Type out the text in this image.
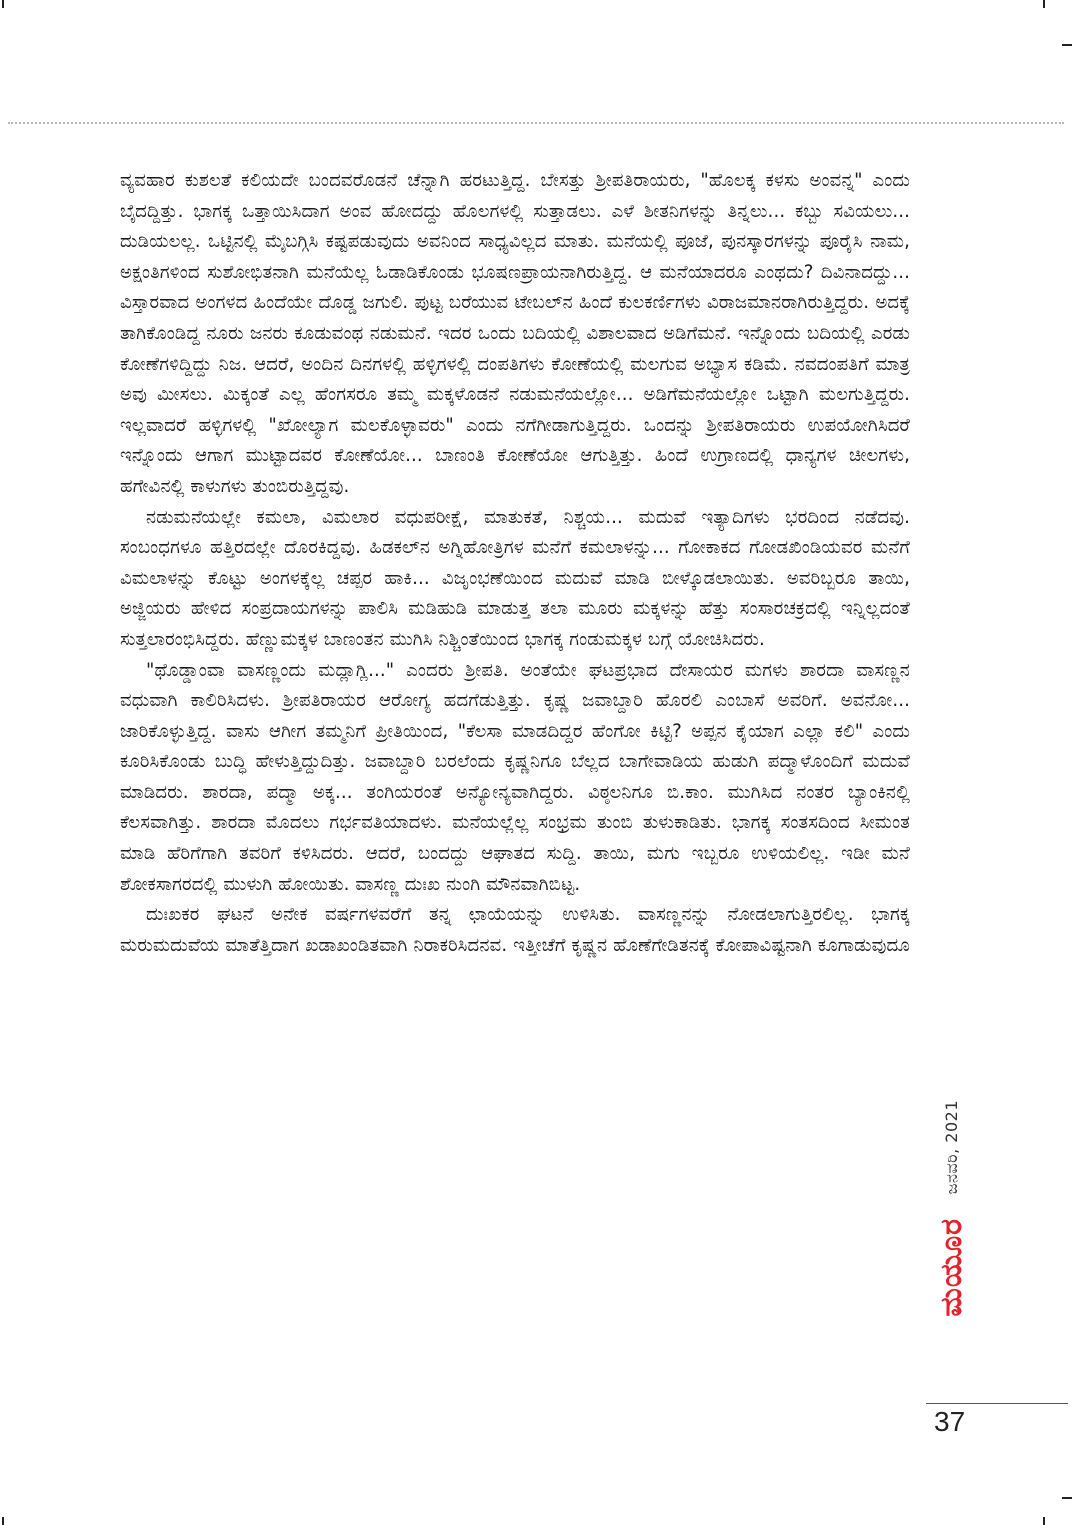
ವ್ಯವಹಾರ ಕುಶಲತೆ ಕಲಿಯದೇ ಬಂದವರೊಡನೆ ಚೆನ್ನಾಗಿ ಹರಟುತ್ತಿದ್ದ. ಬೇಸತ್ತು ಶ್ರೀಪತಿರಾಯರು, "ಹೊಲಕ್ಕ ಕಳಸು ಅಂವನ್ನ" ಎಂದು ಬೈದದ್ದಿತ್ತು. ಭಾಗಕ್ಕ ಒತ್ತಾಯಿಸಿದಾಗ ಅಂವ ಹೋದದ್ದು ಹೊಲಗಳಲ್ಲಿ ಸುತ್ತಾಡಲು. ಎಳೆ ಶೀತನಿಗಳನ್ನು ತಿನ್ನಲು... ಕಬ್ಬು ಸವಿಯಲು... ದುಡಿಯಲಲ್ಲ. ಒಟ್ಟಿನಲ್ಲಿ ಮೈಬಗ್ಗಿಸಿ ಕಷ್ಟಪಡುವುದು ಅವನಿಂದ ಸಾಧ್ಯವಿಲ್ಲದ ಮಾತು. ಮನೆಯಲ್ಲಿ ಪೂಜೆ, ಪುನಸ್ಕಾರಗಳನ್ನು ಪೂರೈಸಿ ನಾಮ, ಅಕ್ಷಂತಿಗಳಿಂದ ಸುಶೋಭಿತನಾಗಿ ಮನೆಯೆಲ್ಲ ಓಡಾಡಿಕೊಂಡು ಭೂಷಣಪ್ರಾಯನಾಗಿರುತ್ತಿದ್ದ. ಆ ಮನೆಯಾದರೂ ಎಂಥದು? ದಿವಿನಾದದ್ದು... ವಿಸ್ತಾರವಾದ ಅಂಗಳದ ಹಿಂದೆಯೇ ದೊಡ್ಡ ಜಗುಲಿ. ಪುಟ್ಟ ಬರೆಯುವ ಟೇಬಲ್‌ನ ಹಿಂದೆ ಕುಲಕರ್ಣಿಗಳು ವಿರಾಜಮಾನರಾಗಿರುತ್ತಿದ್ದರು. ಅದಕ್ಕೆ ತಾಗಿಕೊಂಡಿದ್ದ ನೂರು ಜನರು ಕೂಡುವಂಥ ನಡುಮನೆ. ಇದರ ಒಂದು ಬದಿಯಲ್ಲಿ ವಿಶಾಲವಾದ ಅಡಿಗೆಮನೆ. ಇನ್ನೊಂದು ಬದಿಯಲ್ಲಿ ಎರಡು ಕೋಣೆಗಳಿದ್ದಿದ್ದು ನಿಜ. ಆದರೆ, ಅಂದಿನ ದಿನಗಳಲ್ಲಿ ಹಳ್ಳಿಗಳಲ್ಲಿ ದಂಪತಿಗಳು ಕೋಣೆಯಲ್ಲಿ ಮಲಗುವ ಅಭ್ಯಾಸ ಕಡಿಮೆ. ನವದಂಪತಿಗೆ ಮಾತ್ರ ಅವು ಮೀಸಲು. ಮಿಕ್ಕಂತೆ ಎಲ್ಲ ಹೆಂಗಸರೂ ತಮ್ಮ ಮಕ್ಕಳೊಡನೆ ನಡುಮನೆಯಲ್ಲೋ... ಅಡಿಗೆಮನೆಯಲ್ಲೋ ಒಟ್ಟಾಗಿ ಮಲಗುತ್ತಿದ್ದರು. ಇಲ್ಲವಾದರೆ ಹಳ್ಳಿಗಳಲ್ಲಿ "ಖೋಲ್ಯಾಗ ಮಲಕೊಳ್ಳಾವರು" ಎಂದು ನಗೆಗೀಡಾಗುತ್ತಿದ್ದರು. ಒಂದನ್ನು ಶ್ರೀಪತಿರಾಯರು ಉಪಯೋಗಿಸಿದರೆ ಇನ್ನೊಂದು ಆಗಾಗ ಮುಟ್ಟಾದವರ ಕೋಣೆಯೋ... ಬಾಣಂತಿ ಕೋಣೆಯೋ ಆಗುತ್ತಿತ್ತು. ಹಿಂದೆ ಉಗ್ರಾಣದಲ್ಲಿ ಧಾನ್ಯಗಳ ಚೀಲಗಳು, ಹಗೇವಿನಲ್ಲಿ ಕಾಳುಗಳು ತುಂಬಿರುತ್ತಿದ್ದವು.

ನಡುಮನೆಯಲ್ಲೇ ಕಮಲಾ, ವಿಮಲಾರ ವಧುಪರೀಕ್ಷೆ, ಮಾತುಕತೆ, ನಿಶ್ಚಯ... ಮದುವೆ ಇತ್ಯಾದಿಗಳು ಭರದಿಂದ ನಡೆದವು. ಸಂಬಂಧಗಳೂ ಹತ್ತಿರದಲ್ಲೇ ದೊರಕಿದ್ದವು. ಹಿಡಕಲ್‌ನ ಅಗ್ನಿಹೋತ್ರಿಗಳ ಮನೆಗೆ ಕಮಲಾಳನ್ನು... ಗೋಕಾಕದ ಗೋಡಖಿಂಡಿಯವರ ಮನೆಗೆ ವಿಮಲಾಳನ್ನು ಕೊಟ್ಟು ಅಂಗಳಕ್ಕೆಲ್ಲ ಚಪ್ಪರ ಹಾಕಿ... ವಿಜೃಂಭಣೆಯಿಂದ ಮದುವೆ ಮಾಡಿ ಬೀಳ್ಕೊಡಲಾಯಿತು. ಅವರಿಬ್ಬರೂ ತಾಯಿ, ಅಜ್ಜಿಯರು ಹೇಳಿದ ಸಂಪ್ರದಾಯಗಳನ್ನು ಪಾಲಿಸಿ ಮಡಿಹುಡಿ ಮಾಡುತ್ತ ತಲಾ ಮೂರು ಮಕ್ಕಳನ್ನು ಹೆತ್ತು ಸಂಸಾರಚಕ್ರದಲ್ಲಿ ಇನ್ನಿಲ್ಲದಂತೆ ಸುತ್ತಲಾರಂಭಿಸಿದ್ದರು. ಹೆಣ್ಣುಮಕ್ಕಳ ಬಾಣಂತನ ಮುಗಿಸಿ ನಿಶ್ಚಿಂತೆಯಿಂದ ಭಾಗಕ್ಕ ಗಂಡುಮಕ್ಕಳ ಬಗ್ಗೆ ಯೋಚಿಸಿದರು.

"ಥೊಡ್ಡಾಂವಾ ವಾಸಣ್ಣಂದು ಮದ್ಲಾಗ್ಲಿ..." ಎಂದರು ಶ್ರೀಪತಿ. ಅಂತೆಯೇ ಘಟಪ್ರಭಾದ ದೇಸಾಯರ ಮಗಳು ಶಾರದಾ ವಾಸಣ್ಣನ ವಧುವಾಗಿ ಕಾಲಿರಿಸಿದಳು. ಶ್ರೀಪತಿರಾಯರ ಆರೋಗ್ಯ ಹದಗೆಡುತ್ತಿತ್ತು. ಕೃಷ್ಣ ಜವಾಬ್ದಾರಿ ಹೊರಲಿ ಎಂಬಾಸೆ ಅವರಿಗೆ. ಅವನೋ... ಜಾರಿಕೊಳ್ಳುತ್ತಿದ್ದ. ವಾಸು ಆಗೀಗ ತಮ್ಮನಿಗೆ ಪ್ರೀತಿಯಿಂದ, "ಕೆಲಸಾ ಮಾಡದಿದ್ದರ ಹೆಂಗೋ ಕಿಟ್ಟಿ? ಅಪ್ಪನ ಕೈಯಾಗ ಎಲ್ಲಾ ಕಲಿ" ಎಂದು ಕೂರಿಸಿಕೊಂಡು ಬುದ್ಧಿ ಹೇಳುತ್ತಿದ್ದುದಿತ್ತು. ಜವಾಬ್ದಾರಿ ಬರಲೆಂದು ಕೃಷ್ಣನಿಗೂ ಬೆಲ್ಲದ ಬಾಗೇವಾಡಿಯ ಹುಡುಗಿ ಪದ್ಮಾಳೊಂದಿಗೆ ಮದುವೆ ಮಾಡಿದರು. ಶಾರದಾ, ಪದ್ಮಾ ಅಕ್ಕ... ತಂಗಿಯರಂತೆ ಅನ್ಯೋನ್ಯವಾಗಿದ್ದರು. ವಿಠ್ಠಲನಿಗೂ ಬಿ.ಕಾಂ. ಮುಗಿಸಿದ ನಂತರ ಬ್ಯಾಂಕಿನಲ್ಲಿ ಕೆಲಸವಾಗಿತ್ತು. ಶಾರದಾ ಮೊದಲು ಗರ್ಭವತಿಯಾದಳು. ಮನೆಯಲ್ಲೆಲ್ಲ ಸಂಭ್ರಮ ತುಂಬಿ ತುಳುಕಾಡಿತು. ಭಾಗಕ್ಕ ಸಂತಸದಿಂದ ಸೀಮಂತ ಮಾಡಿ ಹೆರಿಗೆಗಾಗಿ ತವರಿಗೆ ಕಳಿಸಿದರು. ಆದರೆ, ಬಂದದ್ದು ಆಘಾತದ ಸುದ್ದಿ. ತಾಯಿ, ಮಗು ಇಬ್ಬರೂ ಉಳಿಯಲಿಲ್ಲ. ಇಡೀ ಮನೆ ಶೋಕಸಾಗರದಲ್ಲಿ ಮುಳುಗಿ ಹೋಯಿತು. ವಾಸಣ್ಣ ದುಃಖ ನುಂಗಿ ಮೌನವಾಗಿಬಿಟ್ಟ.

ದುಃಖಕರ ಘಟನೆ ಅನೇಕ ವರ್ಷಗಳವರೆಗೆ ತನ್ನ ಛಾಯೆಯನ್ನು ಉಳಿಸಿತು. ವಾಸಣ್ಣನನ್ನು ನೋಡಲಾಗುತ್ತಿರಲಿಲ್ಲ. ಭಾಗಕ್ಕ ಮರುಮದುವೆಯ ಮಾತೆತ್ತಿದಾಗ ಖಡಾಖಂಡಿತವಾಗಿ ನಿರಾಕರಿಸಿದನವ. ಇತ್ತೀಚೆಗೆ ಕೃಷ್ಣನ ಹೊಣೆಗೇಡಿತನಕ್ಕೆ ಕೋಪಾವಿಷ್ಟನಾಗಿ ಕೂಗಾಡುವುದೂ

ಜನವರಿ, 2021
ಮಯೂರ
37
